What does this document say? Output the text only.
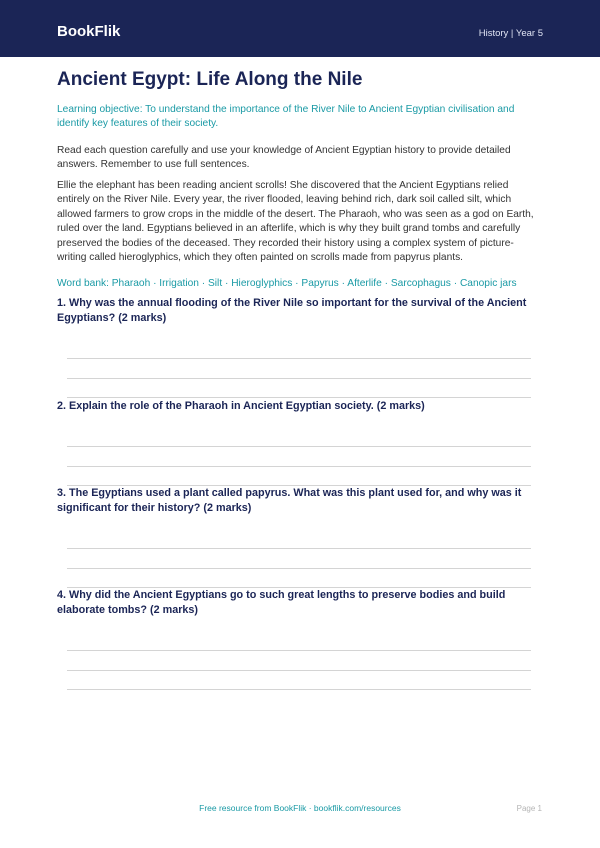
BookFlik	History | Year 5
Ancient Egypt: Life Along the Nile

Learning objective: To understand the importance of the River Nile to Ancient Egyptian civilisation and identify key features of their society.

Read each question carefully and use your knowledge of Ancient Egyptian history to provide detailed answers. Remember to use full sentences.

Ellie the elephant has been reading ancient scrolls! She discovered that the Ancient Egyptians relied entirely on the River Nile. Every year, the river flooded, leaving behind rich, dark soil called silt, which allowed farmers to grow crops in the middle of the desert. The Pharaoh, who was seen as a god on Earth, ruled over the land. Egyptians believed in an afterlife, which is why they built grand tombs and carefully preserved the bodies of the deceased. They recorded their history using a complex system of picture-writing called hieroglyphics, which they often painted on scrolls made from papyrus plants.

Word bank: Pharaoh · Irrigation · Silt · Hieroglyphics · Papyrus · Afterlife · Sarcophagus · Canopic jars

1. Why was the annual flooding of the River Nile so important for the survival of the Ancient Egyptians? (2 marks)

2. Explain the role of the Pharaoh in Ancient Egyptian society. (2 marks)

3. The Egyptians used a plant called papyrus. What was this plant used for, and why was it significant for their history? (2 marks)

4. Why did the Ancient Egyptians go to such great lengths to preserve bodies and build elaborate tombs? (2 marks)

Free resource from BookFlik · bookflik.com/resources	Page 1
